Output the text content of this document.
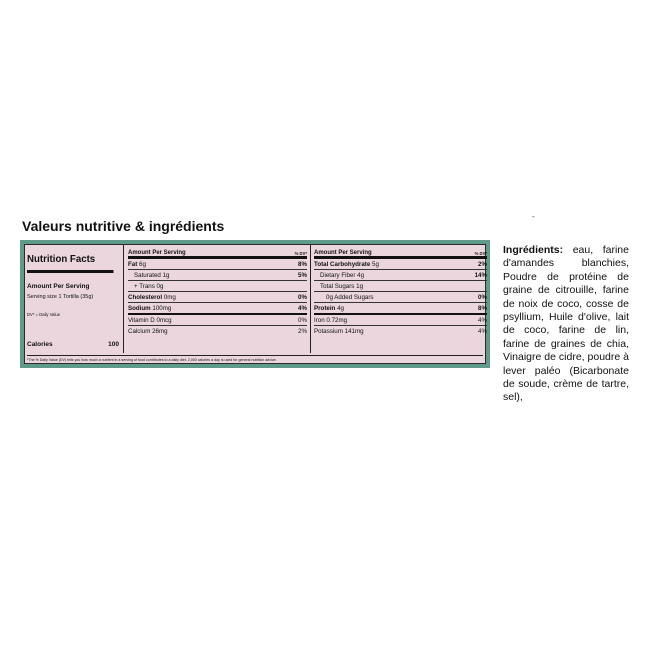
Valeurs nutritive & ingrédients
-
Nutrition Facts
Amount Per Serving
Serving size 1 Tortilla (35g)
DV* = Daily Value
Calories	100
Amount Per Serving	% DV*
Fat 6g	8%
Saturated 1g	5%
+ Trans 0g
Cholesterol 0mg	0%
Sodium 100mg	4%
Vitamin D 0mcg	0%
Calcium 26mg	2%
Amount Per Serving	% DV*
Total Carbohydrate 5g	2%
Dietary Fiber 4g	14%
Total Sugars 1g
0g Added Sugars	0%
Protein 4g	8%
Iron 0.72mg	4%
Potassium 141mg	4%
*The % Daily Value (DV) tells you how much a nutrient in a serving of food contributes to a daily diet. 2,000 calories a day is used for general nutrition advice.
Ingrédients: eau, farine d'amandes blanchies, Poudre de protéine de graine de citrouille, farine de noix de coco, cosse de psyllium, Huile d'olive, lait de coco, farine de lin, farine de graines de chia, Vinaigre de cidre, poudre à lever paléo (Bicarbonate de soude, crème de tartre, sel),
